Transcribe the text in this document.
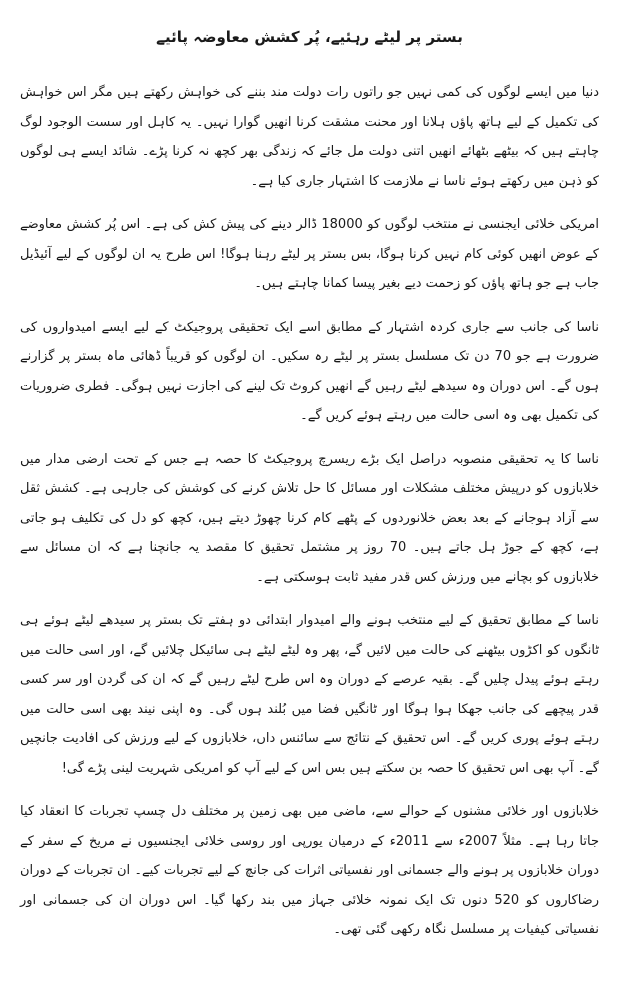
بستر پر لیٹے رہئیے، پُر کشش معاوضہ پائیے

دنیا میں ایسے لوگوں کی کمی نہیں جو راتوں رات دولت مند بننے کی خواہش رکھتے ہیں مگر اس خواہش کی تکمیل کے لیے ہاتھ پاؤں ہلانا اور محنت مشقت کرنا انھیں گوارا نہیں۔ یہ کاہل اور سست الوجود لوگ چاہتے ہیں کہ بیٹھے بٹھائے انھیں اتنی دولت مل جائے کہ زندگی بھر کچھ نہ کرنا پڑے۔ شائد ایسے ہی لوگوں کو ذہن میں رکھتے ہوئے ناسا نے ملازمت کا اشتہار جاری کیا ہے۔

امریکی خلائی ایجنسی نے منتخب لوگوں کو 18000 ڈالر دینے کی پیش کش کی ہے۔ اس پُر کشش معاوضے کے عوض انھیں کوئی کام نہیں کرنا ہوگا، بس بستر پر لیٹے رہنا ہوگا! اس طرح یہ ان لوگوں کے لیے آئیڈیل جاب ہے جو ہاتھ پاؤں کو زحمت دیے بغیر پیسا کمانا چاہتے ہیں۔

ناسا کی جانب سے جاری کردہ اشتہار کے مطابق اسے ایک تحقیقی پروجیکٹ کے لیے ایسے امیدواروں کی ضرورت ہے جو 70 دن تک مسلسل بستر پر لیٹے رہ سکیں۔ ان لوگوں کو قریباً ڈھائی ماہ بستر پر گزارنے ہوں گے۔ اس دوران وہ سیدھے لیٹے رہیں گے انھیں کروٹ تک لینے کی اجازت نہیں ہوگی۔ فطری ضروریات کی تکمیل بھی وہ اسی حالت میں رہتے ہوئے کریں گے۔

ناسا کا یہ تحقیقی منصوبہ دراصل ایک بڑے ریسرچ پروجیکٹ کا حصہ ہے جس کے تحت ارضی مدار میں خلابازوں کو درپیش مختلف مشکلات اور مسائل کا حل تلاش کرنے کی کوشش کی جارہی ہے۔ کشش ثقل سے آزاد ہوجانے کے بعد بعض خلانوردوں کے پٹھے کام کرنا چھوڑ دیتے ہیں، کچھ کو دل کی تکلیف ہو جاتی ہے، کچھ کے جوڑ ہل جاتے ہیں۔ 70 روز پر مشتمل تحقیق کا مقصد یہ جانچنا ہے کہ ان مسائل سے خلابازوں کو بچانے میں ورزش کس قدر مفید ثابت ہوسکتی ہے۔

ناسا کے مطابق تحقیق کے لیے منتخب ہونے والے امیدوار ابتدائی دو ہفتے تک بستر پر سیدھے لیٹے ہوئے ہی ٹانگوں کو اکڑوں بیٹھنے کی حالت میں لائیں گے، پھر وہ لیٹے لیٹے ہی سائیکل چلائیں گے، اور اسی حالت میں رہتے ہوئے پیدل چلیں گے۔ بقیہ عرصے کے دوران وہ اس طرح لیٹے رہیں گے کہ ان کی گردن اور سر کسی قدر پیچھے کی جانب جھکا ہوا ہوگا اور ٹانگیں فضا میں بُلند ہوں گی۔ وہ اپنی نیند بھی اسی حالت میں رہتے ہوئے پوری کریں گے۔ اس تحقیق کے نتائج سے سائنس داں، خلابازوں کے لیے ورزش کی افادیت جانچیں گے۔ آپ بھی اس تحقیق کا حصہ بن سکتے ہیں بس اس کے لیے آپ کو امریکی شہریت لینی پڑے گی!

خلابازوں اور خلائی مشنوں کے حوالے سے، ماضی میں بھی زمین پر مختلف دل چسپ تجربات کا انعقاد کیا جاتا رہا ہے۔ مثلاً 2007ء سے 2011ء کے درمیان یورپی اور روسی خلائی ایجنسیوں نے مریخ کے سفر کے دوران خلابازوں پر ہونے والے جسمانی اور نفسیاتی اثرات کی جانچ کے لیے تجربات کیے۔ ان تجربات کے دوران رضاکاروں کو 520 دنوں تک ایک نمونہ خلائی جہاز میں بند رکھا گیا۔ اس دوران ان کی جسمانی اور نفسیاتی کیفیات پر مسلسل نگاہ رکھی گئی تھی۔
